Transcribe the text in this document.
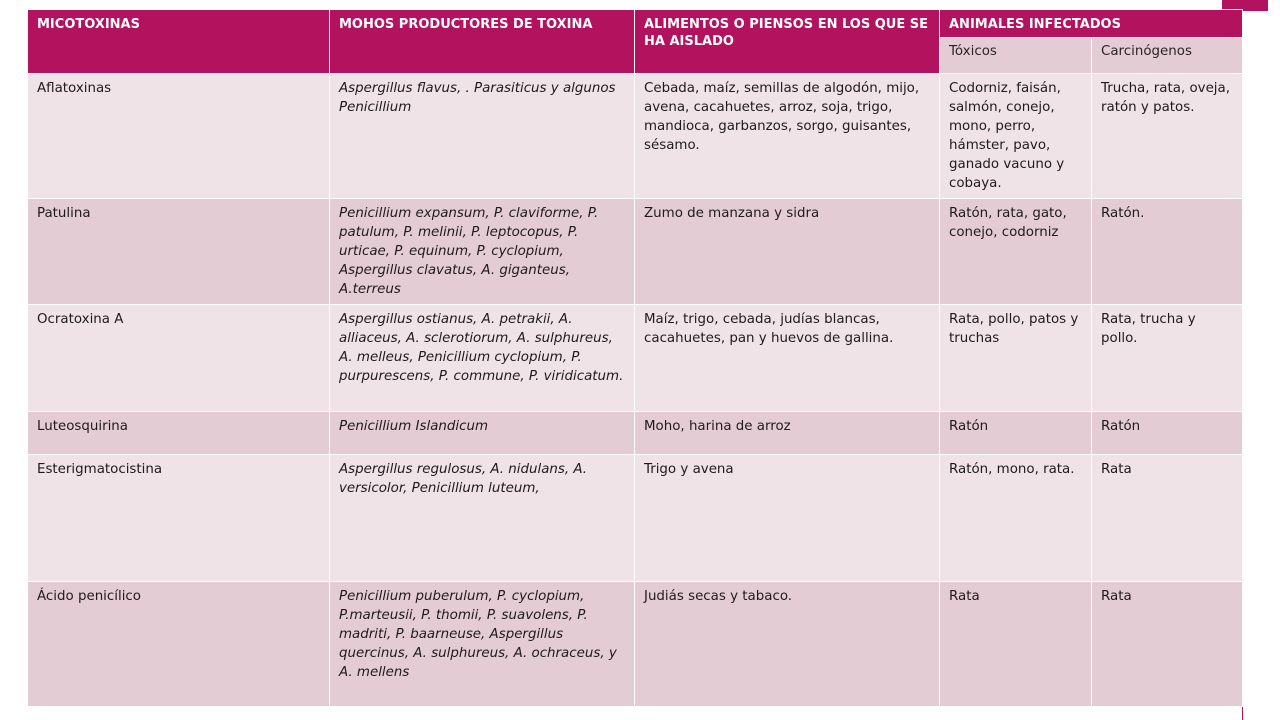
MICOTOXINAS	MOHOS PRODUCTORES DE TOXINA	ALIMENTOS O PIENSOS EN LOS QUE SE HA AISLADO	ANIMALES INFECTADOS	
			Tóxicos	Carcinógenos
Aflatoxinas	Aspergillus flavus, . Parasiticus y algunos Penicillium	Cebada, maíz, semillas de algodón, mijo, avena, cacahuetes, arroz, soja, trigo, mandioca, garbanzos, sorgo, guisantes, sésamo.	Codorniz, faisán, salmón, conejo, mono, perro, hámster, pavo, ganado vacuno y cobaya.	Trucha, rata, oveja, ratón y patos.
Patulina	Penicillium expansum, P. claviforme, P. patulum, P. melinii, P. leptocopus, P. urticae, P. equinum, P. cyclopium, Aspergillus clavatus, A. giganteus, A.terreus	Zumo de manzana y sidra	Ratón, rata, gato, conejo, codorniz	Ratón.
Ocratoxina A	Aspergillus ostianus, A. petrakii, A. alliaceus, A. sclerotiorum, A. sulphureus, A. melleus, Penicillium cyclopium, P. purpurescens, P. commune, P. viridicatum.	Maíz, trigo, cebada, judías blancas, cacahuetes, pan y huevos de gallina.	Rata, pollo, patos y truchas	Rata, trucha y pollo.
Luteosquirina	Penicillium Islandicum	Moho, harina de arroz	Ratón	Ratón
Esterigmatocistina	Aspergillus regulosus, A. nidulans, A. versicolor, Penicillium luteum,	Trigo y avena	Ratón, mono, rata.	Rata
Ácido penicílico	Penicillium puberulum, P. cyclopium, P.marteusii, P. thomii, P. suavolens, P. madriti, P. baarneuse, Aspergillus quercinus, A. sulphureus, A. ochraceus, y A. mellens	Judiás secas y tabaco.	Rata	Rata
